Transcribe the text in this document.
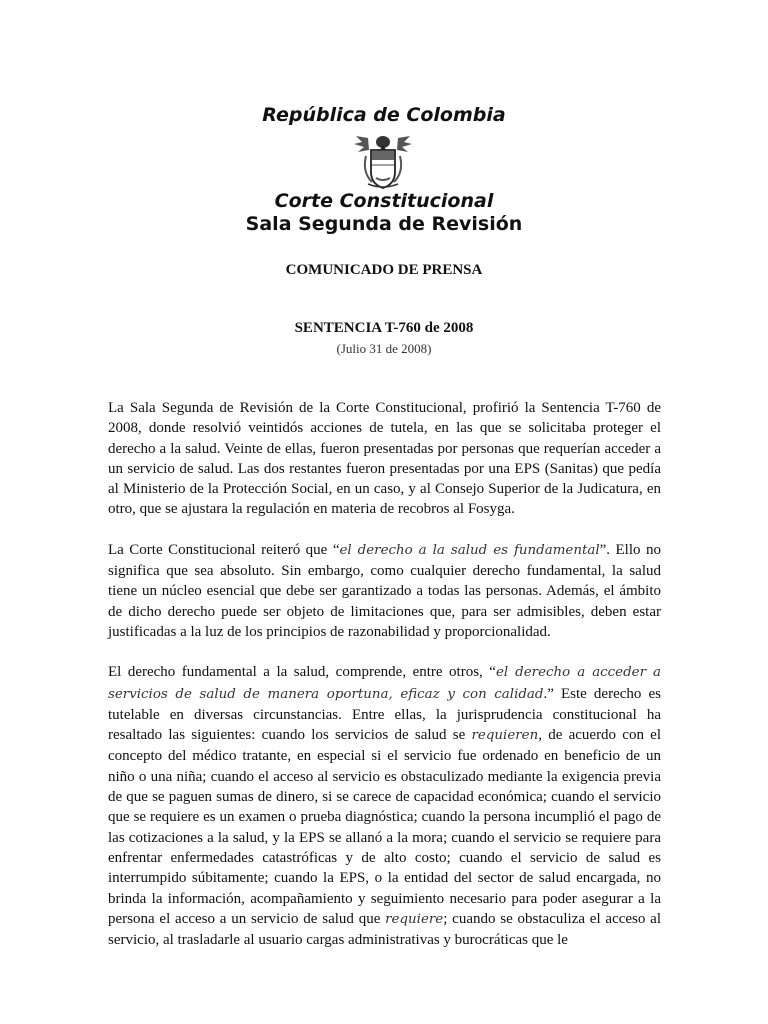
República de Colombia
Corte Constitucional
Sala Segunda de Revisión
COMUNICADO DE PRENSA
SENTENCIA T-760 de 2008
(Julio 31 de 2008)

La Sala Segunda de Revisión de la Corte Constitucional, profirió la Sentencia T-760 de 2008, donde resolvió veintidós acciones de tutela, en las que se solicitaba proteger el derecho a la salud. Veinte de ellas, fueron presentadas por personas que requerían acceder a un servicio de salud. Las dos restantes fueron presentadas por una EPS (Sanitas) que pedía al Ministerio de la Protección Social, en un caso, y al Consejo Superior de la Judicatura, en otro, que se ajustara la regulación en materia de recobros al Fosyga.

La Corte Constitucional reiteró que “el derecho a la salud es fundamental”. Ello no significa que sea absoluto. Sin embargo, como cualquier derecho fundamental, la salud tiene un núcleo esencial que debe ser garantizado a todas las personas. Además, el ámbito de dicho derecho puede ser objeto de limitaciones que, para ser admisibles, deben estar justificadas a la luz de los principios de razonabilidad y proporcionalidad.

El derecho fundamental a la salud, comprende, entre otros, “el derecho a acceder a servicios de salud de manera oportuna, eficaz y con calidad.” Este derecho es tutelable en diversas circunstancias. Entre ellas, la jurisprudencia constitucional ha resaltado las siguientes: cuando los servicios de salud se requieren, de acuerdo con el concepto del médico tratante, en especial si el servicio fue ordenado en beneficio de un niño o una niña; cuando el acceso al servicio es obstaculizado mediante la exigencia previa de que se paguen sumas de dinero, si se carece de capacidad económica; cuando el servicio que se requiere es un examen o prueba diagnóstica; cuando la persona incumplió el pago de las cotizaciones a la salud, y la EPS se allanó a la mora; cuando el servicio se requiere para enfrentar enfermedades catastróficas y de alto costo; cuando el servicio de salud es interrumpido súbitamente; cuando la EPS, o la entidad del sector de salud encargada, no brinda la información, acompañamiento y seguimiento necesario para poder asegurar a la persona el acceso a un servicio de salud que requiere; cuando se obstaculiza el acceso al servicio, al trasladarle al usuario cargas administrativas y burocráticas que le
